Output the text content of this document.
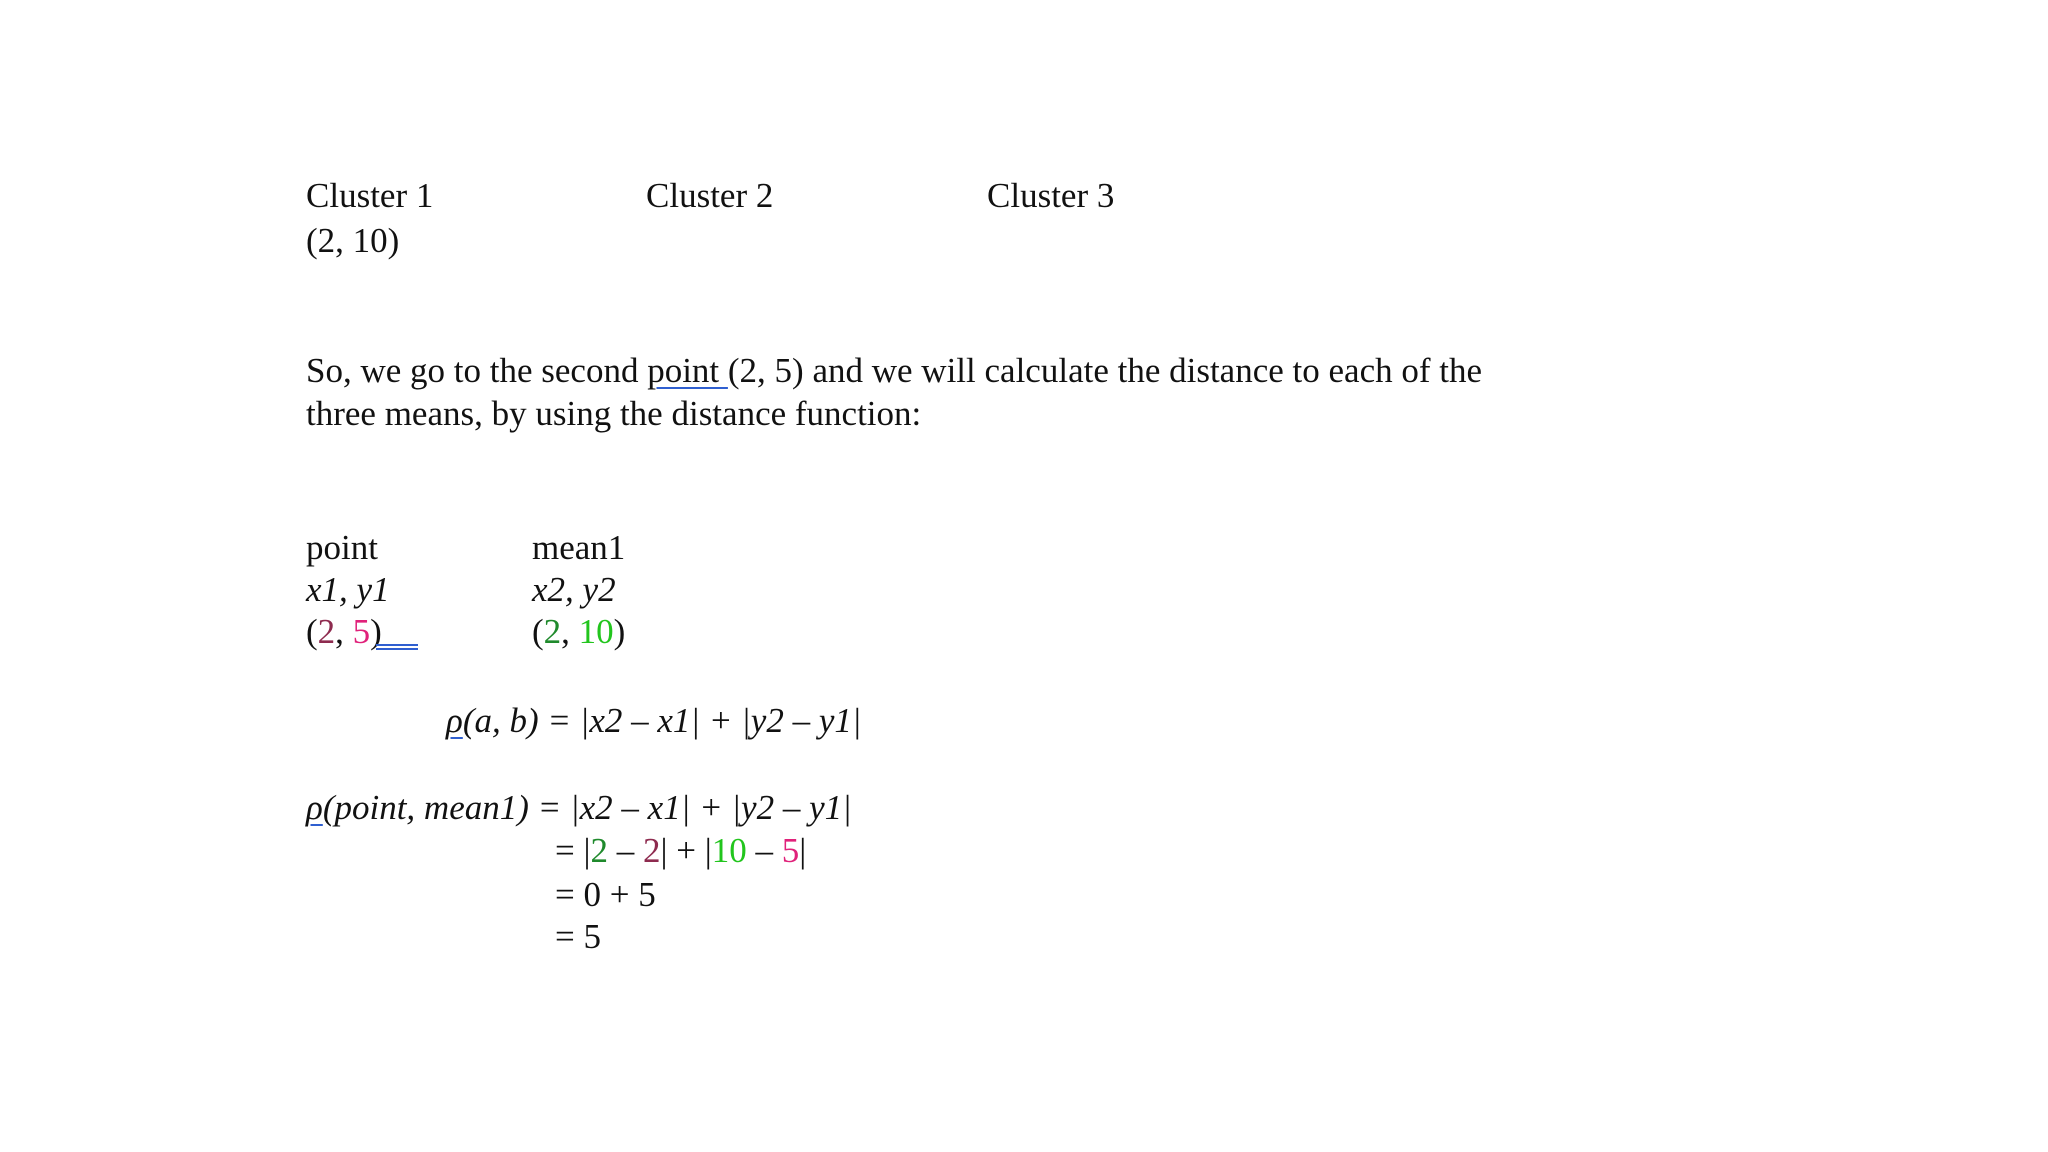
Cluster 1	Cluster 2	Cluster 3
(2, 10)
So, we go to the second point (2, 5) and we will calculate the distance to each of the
three means, by using the distance function:
point	mean1
x1, y1	x2, y2
(2, 5)	(2, 10)
ρ(a, b) = |x2 – x1| + |y2 – y1|
ρ(point, mean1) = |x2 – x1| + |y2 – y1|
= |2 – 2| + |10 – 5|
= 0 + 5
= 5
